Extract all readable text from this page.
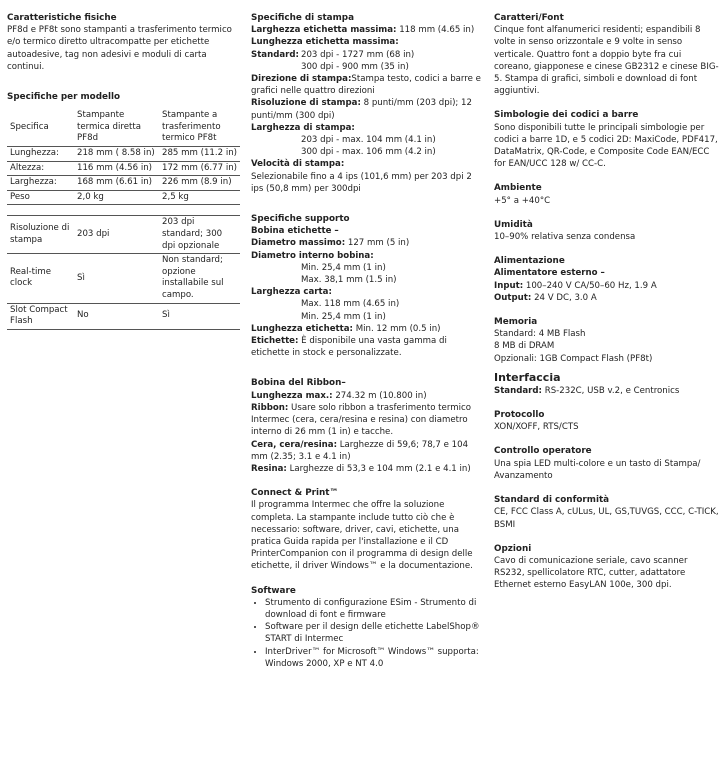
Caratteristiche fisiche

PF8d e PF8t sono stampanti a trasferimento termico e/o termico diretto ultracompatte per etichette autoadesive, tag non adesivi e moduli di carta continui.

Specifiche per modello
Specifica	Stampante termica diretta PF8d	Stampante a trasferimento termico PF8t
Lunghezza:	218 mm ( 8.58 in)	285 mm (11.2 in)
Altezza:	116 mm (4.56 in)	172 mm (6.77 in)
Larghezza:	168 mm (6.61 in)	226 mm (8.9 in)
Peso	2,0 kg	2,5 kg

Risoluzione di stampa	203 dpi	203 dpi standard; 300 dpi opzionale
Real-time clock	Sì	Non standard; opzione installabile sul campo.
Slot Compact Flash	No	Sì
Specifiche di stampa

Larghezza etichetta massima: 118 mm (4.65 in)

Lunghezza etichetta massima:

Standard: 203 dpi - 1727 mm (68 in)

300 dpi - 900 mm (35 in)

Direzione di stampa:Stampa testo, codici a barre e grafici nelle quattro direzioni

Risoluzione di stampa: 8 punti/mm (203 dpi); 12 punti/mm (300 dpi)

Larghezza di stampa:

203 dpi - max. 104 mm (4.1 in)

300 dpi - max. 106 mm (4.2 in)

Velocità di stampa:

Selezionabile fino a 4 ips (101,6 mm) per 203 dpi 2 ips (50,8 mm) per 300dpi

Specifiche supporto

Bobina etichette –

Diametro massimo: 127 mm (5 in)

Diametro interno bobina:

Min. 25,4 mm (1 in)

Max. 38,1 mm (1.5 in)

Larghezza carta:

Max. 118 mm (4.65 in)

Min. 25,4 mm (1 in)

Lunghezza etichetta: Min. 12 mm (0.5 in)

Etichette: È disponibile una vasta gamma di etichette in stock e personalizzate.

Bobina del Ribbon–

Lunghezza max.: 274.32 m (10.800 in)

Ribbon: Usare solo ribbon a trasferimento termico Intermec (cera, cera/resina e resina) con diametro interno di 26 mm (1 in) e tacche.

Cera, cera/resina: Larghezze di 59,6; 78,7 e 104 mm (2.35; 3.1 e 4.1 in)

Resina: Larghezze di 53,3 e 104 mm (2.1 e 4.1 in)

Connect & Print™

Il programma Intermec che offre la soluzione completa. La stampante include tutto ciò che è necessario: software, driver, cavi, etichette, una pratica Guida rapida per l'installazione e il CD PrinterCompanion con il programma di design delle etichette, il driver Windows™ e la documentazione.

Software
• Strumento di configurazione ESim - Strumento di download di font e firmware
• Software per il design delle etichette LabelShop® START di Intermec
• InterDriver™ for Microsoft™ Windows™ supporta: Windows 2000, XP e NT 4.0
Caratteri/Font

Cinque font alfanumerici residenti; espandibili 8 volte in senso orizzontale e 9 volte in senso verticale. Quattro font a doppio byte fra cui coreano, giapponese e cinese GB2312 e cinese BIG-5. Stampa di grafici, simboli e download di font aggiuntivi.

Simbologie dei codici a barre

Sono disponibili tutte le principali simbologie per codici a barre 1D, e 5 codici 2D: MaxiCode, PDF417, DataMatrix, QR-Code, e Composite Code EAN/ECC for EAN/UCC 128 w/ CC-C.

Ambiente

+5° a +40°C

Umidità

10–90% relativa senza condensa

Alimentazione

Alimentatore esterno –

Input: 100–240 V CA/50–60 Hz, 1.9 A

Output: 24 V DC, 3.0 A

Memoria

Standard: 4 MB Flash

8 MB di DRAM

Opzionali: 1GB Compact Flash (PF8t)

Interfaccia

Standard: RS-232C, USB v.2, e Centronics

Protocollo

XON/XOFF, RTS/CTS

Controllo operatore

Una spia LED multi-colore e un tasto di Stampa/ Avanzamento

Standard di conformità

CE, FCC Class A, cULus, UL, GS,TUVGS, CCC, C-TICK, BSMI

Opzioni

Cavo di comunicazione seriale, cavo scanner RS232, spellicolatore RTC, cutter, adattatore Ethernet esterno EasyLAN 100e, 300 dpi.
